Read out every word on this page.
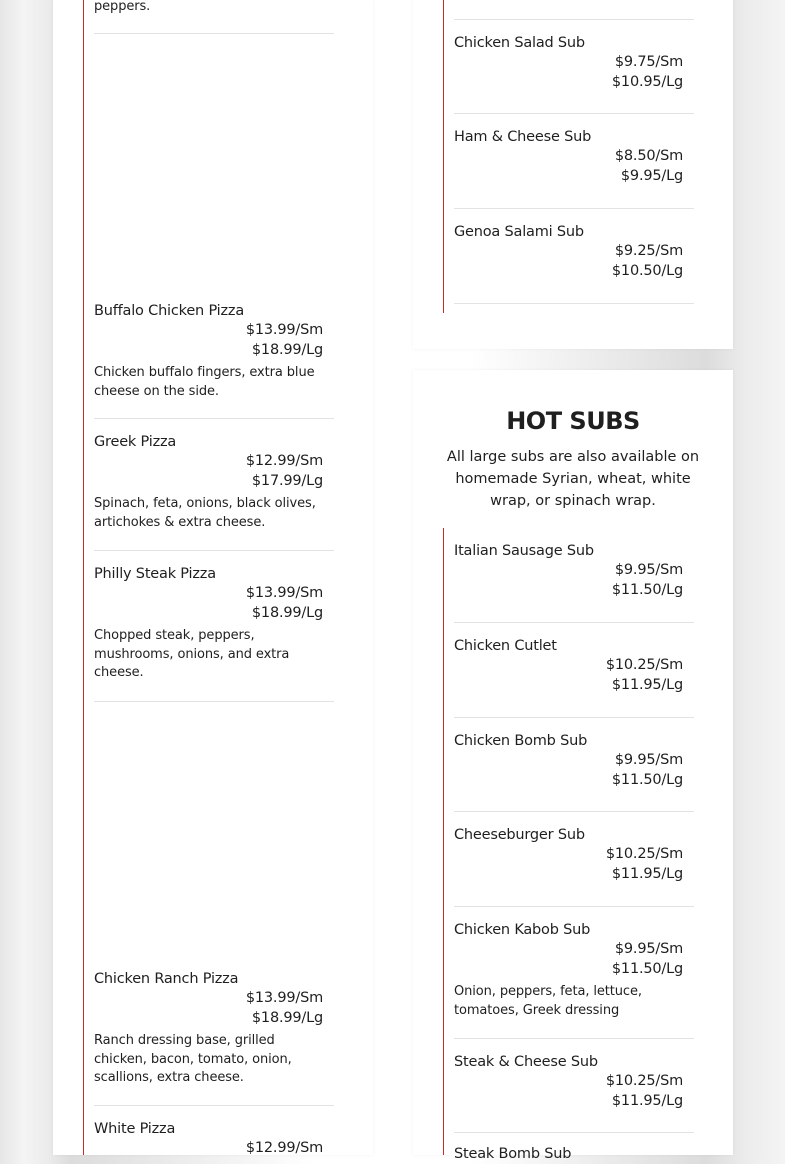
peppers.
Buffalo Chicken Pizza
$13.99/Sm
$18.99/Lg
Chicken buffalo fingers, extra blue cheese on the side.
Greek Pizza
$12.99/Sm
$17.99/Lg
Spinach, feta, onions, black olives, artichokes & extra cheese.
Philly Steak Pizza
$13.99/Sm
$18.99/Lg
Chopped steak, peppers, mushrooms, onions, and extra cheese.
Chicken Ranch Pizza
$13.99/Sm
$18.99/Lg
Ranch dressing base, grilled chicken, bacon, tomato, onion, scallions, extra cheese.
White Pizza
$12.99/Sm
Chicken Salad Sub
$9.75/Sm
$10.95/Lg
Ham & Cheese Sub
$8.50/Sm
$9.95/Lg
Genoa Salami Sub
$9.25/Sm
$10.50/Lg
HOT SUBS
All large subs are also available on homemade Syrian, wheat, white wrap, or spinach wrap.
Italian Sausage Sub
$9.95/Sm
$11.50/Lg
Chicken Cutlet
$10.25/Sm
$11.95/Lg
Chicken Bomb Sub
$9.95/Sm
$11.50/Lg
Cheeseburger Sub
$10.25/Sm
$11.95/Lg
Chicken Kabob Sub
$9.95/Sm
$11.50/Lg
Onion, peppers, feta, lettuce, tomatoes, Greek dressing
Steak & Cheese Sub
$10.25/Sm
$11.95/Lg
Steak Bomb Sub
